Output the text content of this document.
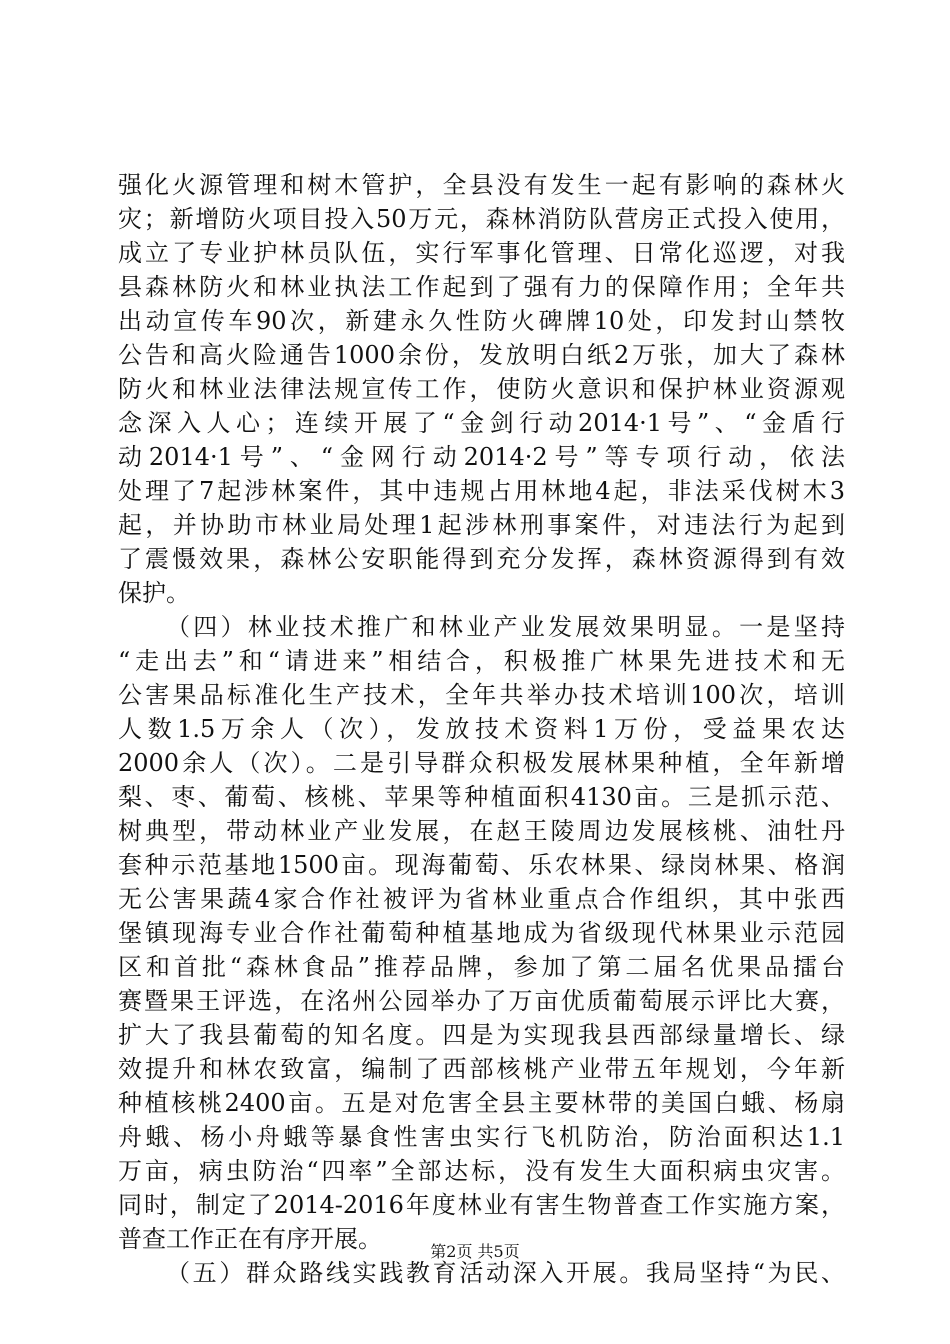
强化火源管理和树木管护，全县没有发生一起有影响的森林火
灾；新增防火项目投入50万元，森林消防队营房正式投入使用，
成立了专业护林员队伍，实行军事化管理、日常化巡逻，对我
县森林防火和林业执法工作起到了强有力的保障作用；全年共
出动宣传车90次，新建永久性防火碑牌10处，印发封山禁牧
公告和高火险通告1000余份，发放明白纸2万张，加大了森林
防火和林业法律法规宣传工作，使防火意识和保护林业资源观
念深入人心；连续开展了“金剑行动2014·1号”、“金盾行
动2014·1号”、“金网行动2014·2号”等专项行动，依法
处理了7起涉林案件，其中违规占用林地4起，非法采伐树木3
起，并协助市林业局处理1起涉林刑事案件，对违法行为起到
了震慑效果，森林公安职能得到充分发挥，森林资源得到有效
保护。
（四）林业技术推广和林业产业发展效果明显。一是坚持
“走出去”和“请进来”相结合，积极推广林果先进技术和无
公害果品标准化生产技术，全年共举办技术培训100次，培训
人数1.5万余人（次），发放技术资料1万份，受益果农达
2000余人（次）。二是引导群众积极发展林果种植，全年新增
梨、枣、葡萄、核桃、苹果等种植面积4130亩。三是抓示范、
树典型，带动林业产业发展，在赵王陵周边发展核桃、油牡丹
套种示范基地1500亩。现海葡萄、乐农林果、绿岗林果、格润
无公害果蔬4家合作社被评为省林业重点合作组织，其中张西
堡镇现海专业合作社葡萄种植基地成为省级现代林果业示范园
区和首批“森林食品”推荐品牌，参加了第二届名优果品擂台
赛暨果王评选，在洺州公园举办了万亩优质葡萄展示评比大赛，
扩大了我县葡萄的知名度。四是为实现我县西部绿量增长、绿
效提升和林农致富，编制了西部核桃产业带五年规划，今年新
种植核桃2400亩。五是对危害全县主要林带的美国白蛾、杨扇
舟蛾、杨小舟蛾等暴食性害虫实行飞机防治，防治面积达1.1
万亩，病虫防治“四率”全部达标，没有发生大面积病虫灾害。
同时，制定了2014-2016年度林业有害生物普查工作实施方案，
普查工作正在有序开展。
（五）群众路线实践教育活动深入开展。我局坚持“为民、
第2页 共5页
